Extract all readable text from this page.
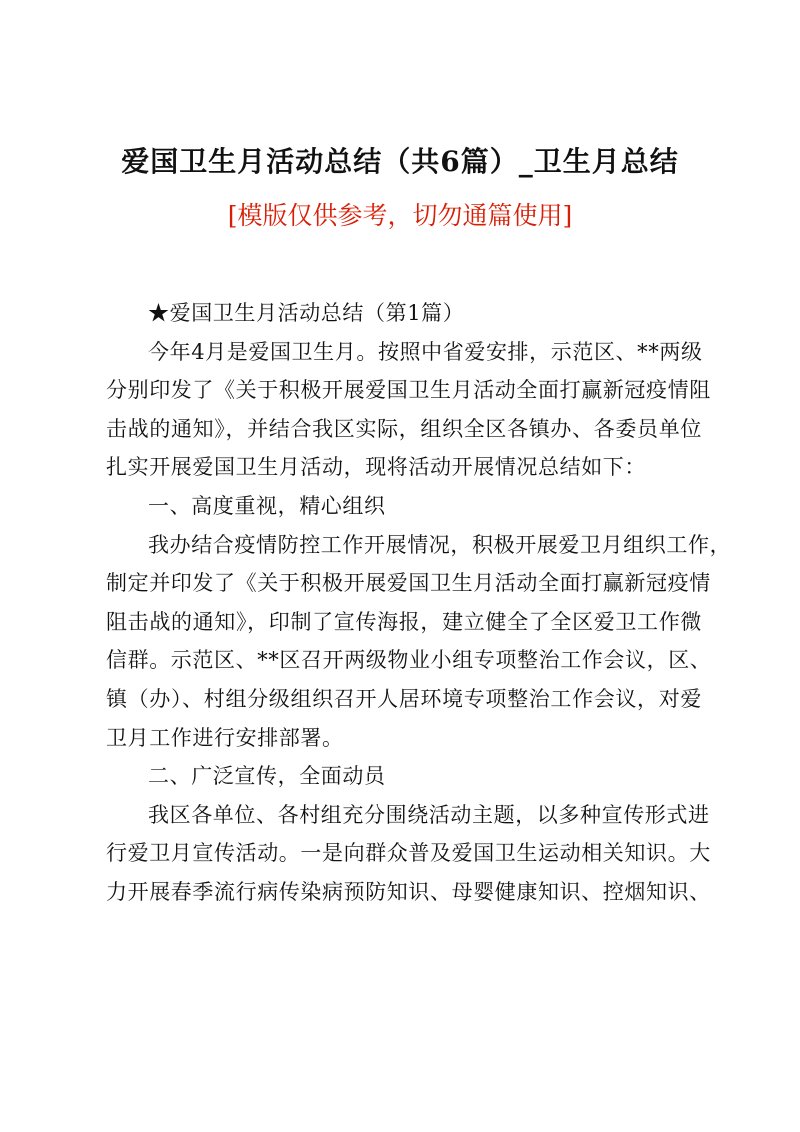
爱国卫生月活动总结（共6篇）_卫生月总结
[模版仅供参考，切勿通篇使用]
★爱国卫生月活动总结（第1篇）
今年4月是爱国卫生月。按照中省爱安排，示范区、**两级
分别印发了《关于积极开展爱国卫生月活动全面打赢新冠疫情阻
击战的通知》，并结合我区实际，组织全区各镇办、各委员单位
扎实开展爱国卫生月活动，现将活动开展情况总结如下：
一、高度重视，精心组织
我办结合疫情防控工作开展情况，积极开展爱卫月组织工作，
制定并印发了《关于积极开展爱国卫生月活动全面打赢新冠疫情
阻击战的通知》，印制了宣传海报，建立健全了全区爱卫工作微
信群。示范区、**区召开两级物业小组专项整治工作会议，区、
镇（办）、村组分级组织召开人居环境专项整治工作会议，对爱
卫月工作进行安排部署。
二、广泛宣传，全面动员
我区各单位、各村组充分围绕活动主题，以多种宣传形式进
行爱卫月宣传活动。一是向群众普及爱国卫生运动相关知识。大
力开展春季流行病传染病预防知识、母婴健康知识、控烟知识、
